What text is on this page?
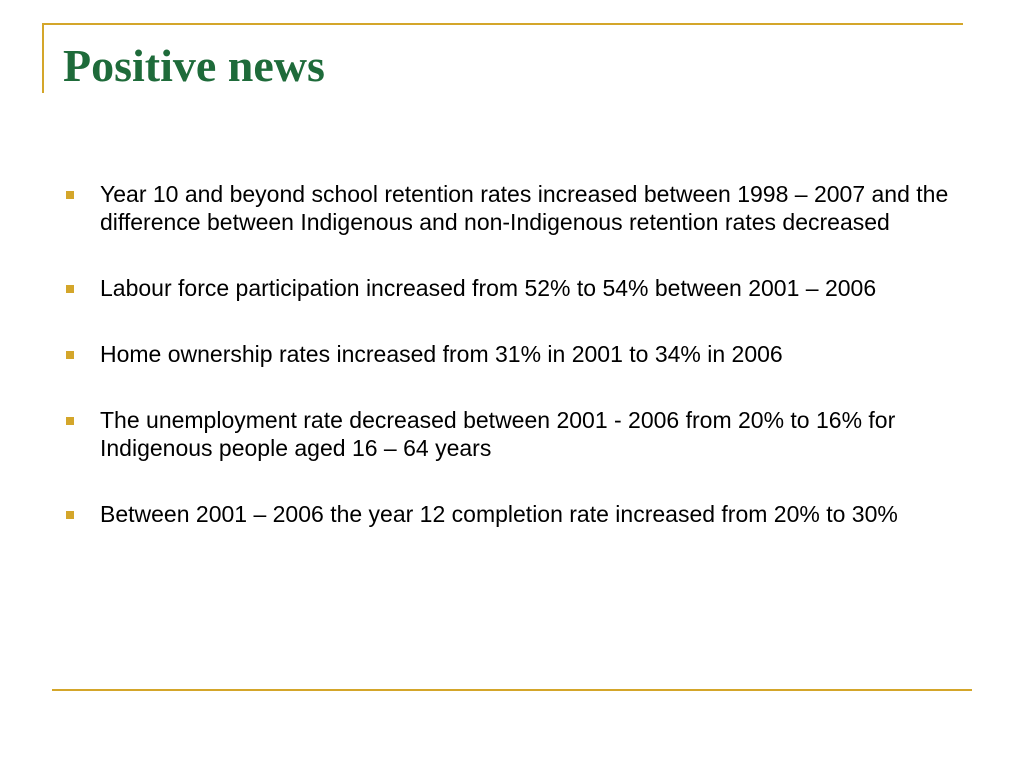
Positive news
Year 10 and beyond school retention rates increased between 1998 – 2007 and the difference between Indigenous and non-Indigenous retention rates decreased
Labour force participation increased from 52% to 54% between 2001 – 2006
Home ownership rates increased from 31% in 2001 to 34% in 2006
The unemployment rate decreased between 2001 - 2006 from 20% to 16% for Indigenous people aged 16 – 64 years
Between 2001 – 2006 the year 12 completion rate increased from 20% to 30%
